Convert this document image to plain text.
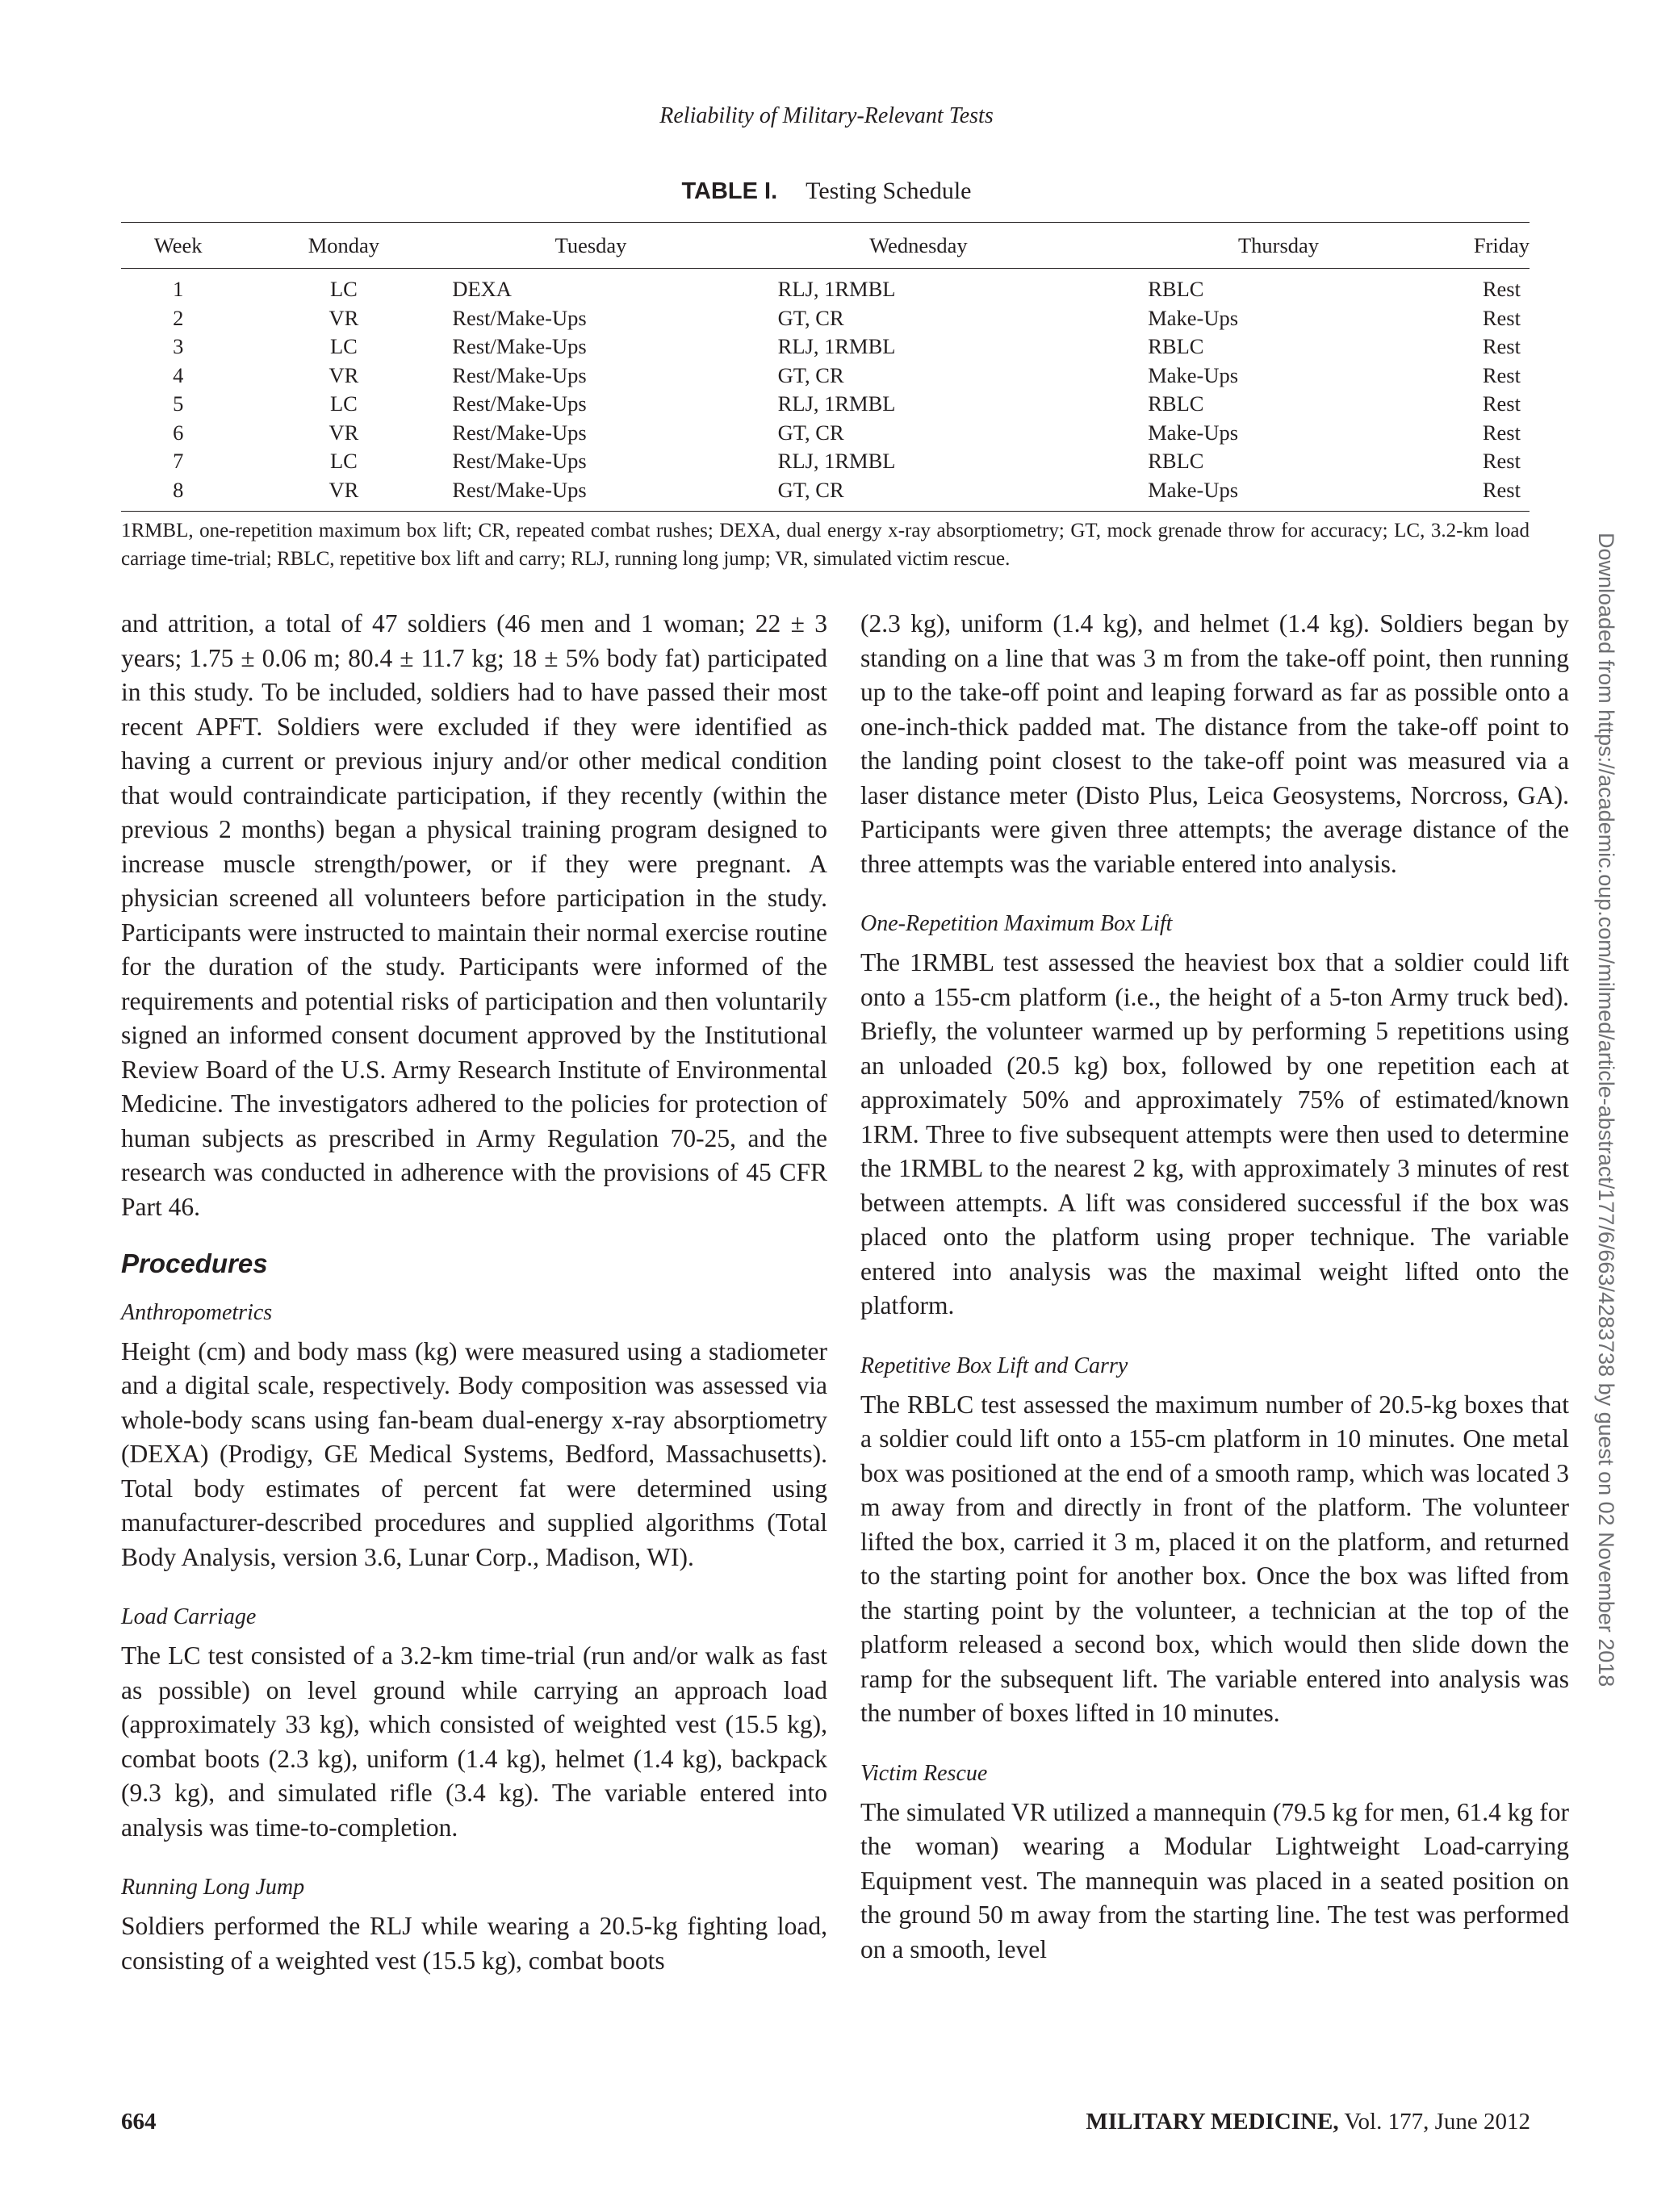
Reliability of Military-Relevant Tests
TABLE I. Testing Schedule
Week	Monday	Tuesday	Wednesday	Thursday	Friday
1	LC	DEXA	RLJ, 1RMBL	RBLC	Rest
2	VR	Rest/Make-Ups	GT, CR	Make-Ups	Rest
3	LC	Rest/Make-Ups	RLJ, 1RMBL	RBLC	Rest
4	VR	Rest/Make-Ups	GT, CR	Make-Ups	Rest
5	LC	Rest/Make-Ups	RLJ, 1RMBL	RBLC	Rest
6	VR	Rest/Make-Ups	GT, CR	Make-Ups	Rest
7	LC	Rest/Make-Ups	RLJ, 1RMBL	RBLC	Rest
8	VR	Rest/Make-Ups	GT, CR	Make-Ups	Rest
1RMBL, one-repetition maximum box lift; CR, repeated combat rushes; DEXA, dual energy x-ray absorptiometry; GT, mock grenade throw for accuracy; LC, 3.2-km load carriage time-trial; RBLC, repetitive box lift and carry; RLJ, running long jump; VR, simulated victim rescue.

and attrition, a total of 47 soldiers (46 men and 1 woman; 22 ± 3 years; 1.75 ± 0.06 m; 80.4 ± 11.7 kg; 18 ± 5% body fat) participated in this study. To be included, soldiers had to have passed their most recent APFT. Soldiers were excluded if they were identified as having a current or previous injury and/or other medical condition that would contraindicate participation, if they recently (within the previous 2 months) began a physical training program designed to increase muscle strength/power, or if they were pregnant. A physician screened all volunteers before participation in the study. Participants were instructed to maintain their normal exercise routine for the duration of the study. Participants were informed of the requirements and potential risks of participation and then voluntarily signed an informed consent document approved by the Institutional Review Board of the U.S. Army Research Institute of Environmental Medicine. The investigators adhered to the policies for protection of human subjects as prescribed in Army Regulation 70-25, and the research was conducted in adherence with the provisions of 45 CFR Part 46.

Procedures
Anthropometrics

Height (cm) and body mass (kg) were measured using a stadiometer and a digital scale, respectively. Body composition was assessed via whole-body scans using fan-beam dual-energy x-ray absorptiometry (DEXA) (Prodigy, GE Medical Systems, Bedford, Massachusetts). Total body estimates of percent fat were determined using manufacturer-described procedures and supplied algorithms (Total Body Analysis, version 3.6, Lunar Corp., Madison, WI).

Load Carriage

The LC test consisted of a 3.2-km time-trial (run and/or walk as fast as possible) on level ground while carrying an approach load (approximately 33 kg), which consisted of weighted vest (15.5 kg), combat boots (2.3 kg), uniform (1.4 kg), helmet (1.4 kg), backpack (9.3 kg), and simulated rifle (3.4 kg). The variable entered into analysis was time-to-completion.

Running Long Jump

Soldiers performed the RLJ while wearing a 20.5-kg fighting load, consisting of a weighted vest (15.5 kg), combat boots

(2.3 kg), uniform (1.4 kg), and helmet (1.4 kg). Soldiers began by standing on a line that was 3 m from the take-off point, then running up to the take-off point and leaping forward as far as possible onto a one-inch-thick padded mat. The distance from the take-off point to the landing point closest to the take-off point was measured via a laser distance meter (Disto Plus, Leica Geosystems, Norcross, GA). Participants were given three attempts; the average distance of the three attempts was the variable entered into analysis.

One-Repetition Maximum Box Lift

The 1RMBL test assessed the heaviest box that a soldier could lift onto a 155-cm platform (i.e., the height of a 5-ton Army truck bed). Briefly, the volunteer warmed up by performing 5 repetitions using an unloaded (20.5 kg) box, followed by one repetition each at approximately 50% and approximately 75% of estimated/known 1RM. Three to five subsequent attempts were then used to determine the 1RMBL to the nearest 2 kg, with approximately 3 minutes of rest between attempts. A lift was considered successful if the box was placed onto the platform using proper technique. The variable entered into analysis was the maximal weight lifted onto the platform.

Repetitive Box Lift and Carry

The RBLC test assessed the maximum number of 20.5-kg boxes that a soldier could lift onto a 155-cm platform in 10 minutes. One metal box was positioned at the end of a smooth ramp, which was located 3 m away from and directly in front of the platform. The volunteer lifted the box, carried it 3 m, placed it on the platform, and returned to the starting point for another box. Once the box was lifted from the starting point by the volunteer, a technician at the top of the platform released a second box, which would then slide down the ramp for the subsequent lift. The variable entered into analysis was the number of boxes lifted in 10 minutes.

Victim Rescue

The simulated VR utilized a mannequin (79.5 kg for men, 61.4 kg for the woman) wearing a Modular Lightweight Load-carrying Equipment vest. The mannequin was placed in a seated position on the ground 50 m away from the starting line. The test was performed on a smooth, level

664	MILITARY MEDICINE, Vol. 177, June 2012
Downloaded from https://academic.oup.com/milmed/article-abstract/177/6/663/4283738 by guest on 02 November 2018
